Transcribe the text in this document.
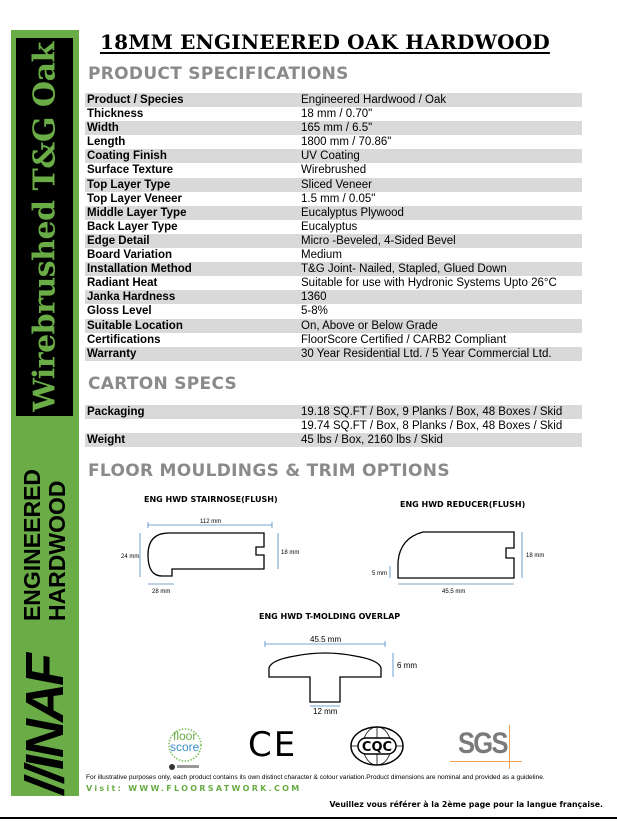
Wirebrushed T&G Oak
ENGINEERED HARDWOOD
//INAF
18MM ENGINEERED OAK HARDWOOD
PRODUCT SPECIFICATIONS
Product / Species	Engineered Hardwood / Oak
Thickness	18 mm / 0.70"
Width	165 mm / 6.5"
Length	1800 mm / 70.86"
Coating Finish	UV Coating
Surface Texture	Wirebrushed
Top Layer Type	Sliced Veneer
Top Layer Veneer	1.5 mm / 0.05"
Middle Layer Type	Eucalyptus Plywood
Back Layer Type	Eucalyptus
Edge Detail	Micro -Beveled, 4-Sided Bevel
Board Variation	Medium
Installation Method	T&G Joint- Nailed, Stapled, Glued Down
Radiant Heat	Suitable for use with Hydronic Systems Upto 26°C
Janka Hardness	1360
Gloss Level	5-8%
Suitable Location	On, Above or Below Grade
Certifications	FloorScore Certified / CARB2 Compliant
Warranty	30 Year Residential Ltd. / 5 Year Commercial Ltd.
CARTON SPECS
Packaging	19.18 SQ.FT / Box, 9 Planks / Box, 48 Boxes / Skid
19.74 SQ.FT / Box, 8 Planks / Box, 48 Boxes / Skid
Weight	45 lbs / Box, 2160 lbs / Skid
FLOOR MOULDINGS & TRIM OPTIONS
ENG HWD STAIRNOSE(FLUSH)
112 mm
24 mm
18 mm
28 mm
ENG HWD REDUCER(FLUSH)
18 mm
5 mm
45.5 mm
ENG HWD T-MOLDING OVERLAP
45.5 mm
6 mm
12 mm
floor
score CE	CQC SGS
For illustrative purposes only, each product contains its own distinct character & colour variation.Product dimensions are nominal and provided as a guideline.
Visit: WWW.FLOORSATWORK.COM
Veuillez vous référer à la 2ème page pour la langue française.
